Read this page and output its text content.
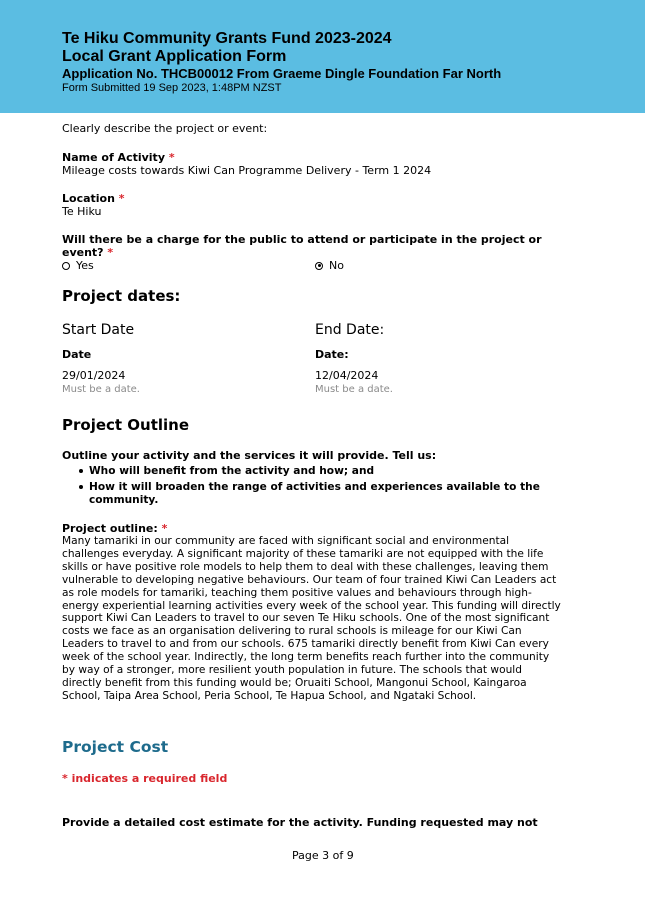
Te Hiku Community Grants Fund 2023-2024
Local Grant Application Form
Application No. THCB00012 From Graeme Dingle Foundation Far North
Form Submitted 19 Sep 2023, 1:48PM NZST
Clearly describe the project or event:
Name of Activity *
Mileage costs towards Kiwi Can Programme Delivery - Term 1 2024
Location *
Te Hiku
Will there be a charge for the public to attend or participate in the project or
event? *
Yes	No
Project dates:
Start Date	End Date:
Date	Date:
29/01/2024	12/04/2024
Must be a date.	Must be a date.
Project Outline
Outline your activity and the services it will provide. Tell us:
Who will benefit from the activity and how; and
How it will broaden the range of activities and experiences available to the
community.
Project outline: *
Many tamariki in our community are faced with significant social and environmental challenges everyday. A significant majority of these tamariki are not equipped with the life skills or have positive role models to help them to deal with these challenges, leaving them vulnerable to developing negative behaviours. Our team of four trained Kiwi Can Leaders act as role models for tamariki, teaching them positive values and behaviours through high-energy experiential learning activities every week of the school year. This funding will directly support Kiwi Can Leaders to travel to our seven Te Hiku schools. One of the most significant costs we face as an organisation delivering to rural schools is mileage for our Kiwi Can Leaders to travel to and from our schools. 675 tamariki directly benefit from Kiwi Can every week of the school year. Indirectly, the long term benefits reach further into the community by way of a stronger, more resilient youth population in future. The schools that would directly benefit from this funding would be; Oruaiti School, Mangonui School, Kaingaroa School, Taipa Area School, Peria School, Te Hapua School, and Ngataki School.
Project Cost
* indicates a required field
Provide a detailed cost estimate for the activity. Funding requested may not
Page 3 of 9
